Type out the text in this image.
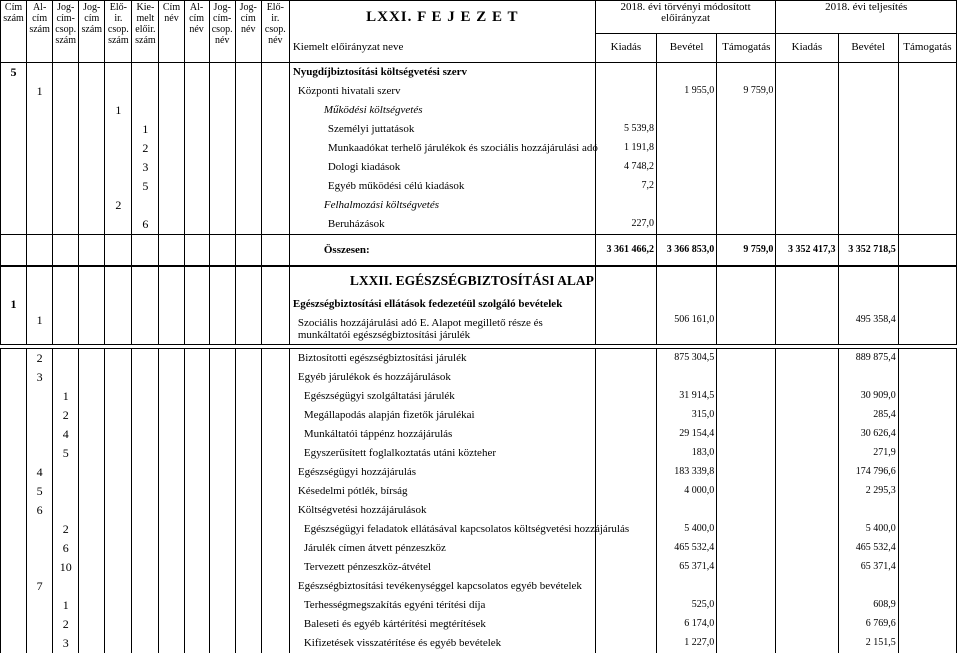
Cím szám	Al-cím szám	Jog-cím-csop. szám	Jog-cím szám	Elő-ir. csop. szám	Kie-melt előir. szám	Cím név	Al-cím név	Jog-cím-csop. név	Jog-cím név	Elő-ir. csop. név	LXXI. F E J E Z E T	2018. évi törvényi módosított előirányzat			2018. évi teljesítés		
											Kiemelt előirányzat neve	Kiadás	Bevétel	Támogatás	Kiadás	Bevétel	Támogatás
5											Nyugdíjbiztosítási költségvetési szerv						
	1										Központi hivatali szerv		1 955,0	9 759,0			
				1							Működési költségvetés						
					1						Személyi juttatások	5 539,8					
					2						Munkaadókat terhelő járulékok és szociális hozzájárulási adó	1 191,8					
					3						Dologi kiadások	4 748,2					
					5						Egyéb működési célú kiadások	7,2					
				2							Felhalmozási költségvetés						
					6						Beruházások	227,0					
											Összesen:	3 361 466,2	3 366 853,0	9 759,0	3 352 417,3	3 352 718,5	
											LXXII. EGÉSZSÉGBIZTOSÍTÁSI ALAP						
1											Egészségbiztosítási ellátások fedezetéül szolgáló bevételek						
	1										Szociális hozzájárulási adó E. Alapot megillető része és munkáltatói egészségbiztosítási járulék		506 161,0			495 358,4	

	2										Biztosítotti egészségbiztosítási járulék		875 304,5			889 875,4	
	3										Egyéb járulékok és hozzájárulások						
		1									Egészségügyi szolgáltatási járulék		31 914,5			30 909,0	
		2									Megállapodás alapján fizetők járulékai		315,0			285,4	
		4									Munkáltatói táppénz hozzájárulás		29 154,4			30 626,4	
		5									Egyszerűsített foglalkoztatás utáni közteher		183,0			271,9	
	4										Egészségügyi hozzájárulás		183 339,8			174 796,6	
	5										Késedelmi pótlék, bírság		4 000,0			2 295,3	
	6										Költségvetési hozzájárulások						
		2									Egészségügyi feladatok ellátásával kapcsolatos költségvetési hozzájárulás		5 400,0			5 400,0	
		6									Járulék címen átvett pénzeszköz		465 532,4			465 532,4	
		10									Tervezett pénzeszköz-átvétel		65 371,4			65 371,4	
	7										Egészségbiztosítási tevékenységgel kapcsolatos egyéb bevételek						
		1									Terhességmegszakítás egyéni térítési díja		525,0			608,9	
		2									Baleseti és egyéb kártérítési megtérítések		6 174,0			6 769,6	
		3									Kifizetések visszatérítése és egyéb bevételek		1 227,0			2 151,5	
